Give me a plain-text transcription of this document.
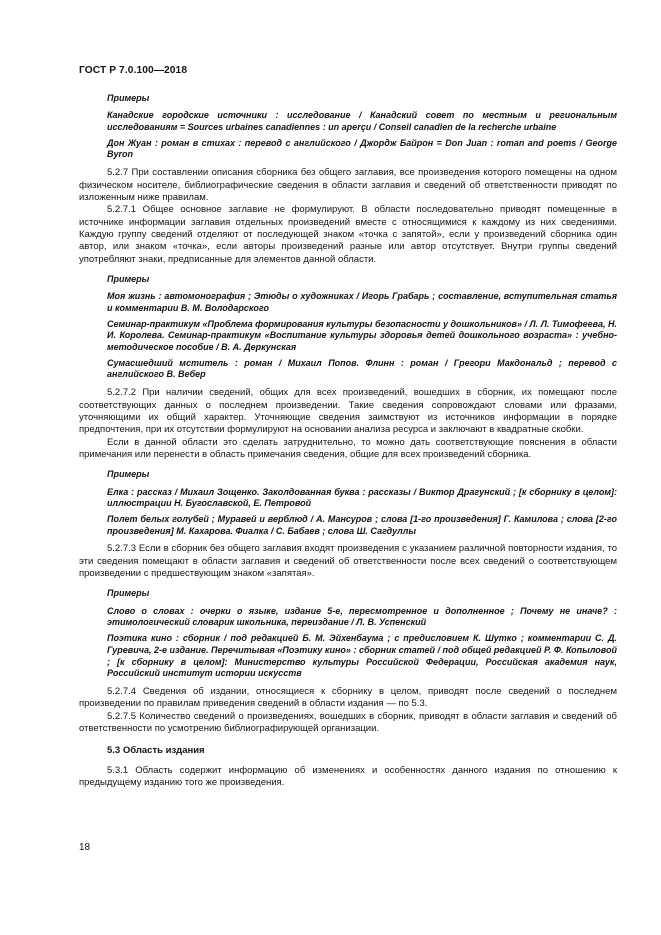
ГОСТ Р 7.0.100—2018

Примеры

Канадские городские источники : исследование / Канадский совет по местным и региональным исследованиям = Sources urbaines canadiennes : un aperçu / Conseil canadien de la recherche urbaine

Дон Жуан : роман в стихах : перевод с английского / Джордж Байрон = Don Juan : roman and poems / George Byron

5.2.7 При составлении описания сборника без общего заглавия, все произведения которого помещены на одном физическом носителе, библиографические сведения в области заглавия и сведений об ответственности приводят по изложенным ниже правилам.

5.2.7.1 Общее основное заглавие не формулируют. В области последовательно приводят помещенные в источнике информации заглавия отдельных произведений вместе с относящимися к каждому из них сведениями. Каждую группу сведений отделяют от последующей знаком «точка с запятой», если у произведений сборника один автор, или знаком «точка», если авторы произведений разные или автор отсутствует. Внутри группы сведений употребляют знаки, предписанные для элементов данной области.

Примеры

Моя жизнь : автомонография ; Этюды о художниках / Игорь Грабарь ; составление, вступительная статья и комментарии В. М. Володарского

Семинар-практикум «Проблема формирования культуры безопасности у дошкольников» / Л. Л. Тимофеева, Н. И. Королева. Семинар-практикум «Воспитание культуры здоровья детей дошкольного возраста» : учебно-методическое пособие / В. А. Деркунская

Сумасшедший мститель : роман / Михаил Попов. Флинн : роман / Грегори Макдональд ; перевод с английского В. Вебер

5.2.7.2 При наличии сведений, общих для всех произведений, вошедших в сборник, их помещают после соответствующих данных о последнем произведении. Такие сведения сопровождают словами или фразами, уточняющими их общий характер. Уточняющие сведения заимствуют из источников информации в порядке предпочтения, при их отсутствии формулируют на основании анализа ресурса и заключают в квадратные скобки.

Если в данной области это сделать затруднительно, то можно дать соответствующие пояснения в области примечания или перенести в область примечания сведения, общие для всех произведений сборника.

Примеры

Елка : рассказ / Михаил Зощенко. Заколдованная буква : рассказы / Виктор Драгунский ; [к сборнику в целом]: иллюстрации Н. Бугославской, Е. Петровой

Полет белых голубей ; Муравей и верблюд / А. Мансуров ; слова [1-го произведения] Г. Камилова ; слова [2-го произведения] М. Кахарова. Фиалка / С. Бабаев ; слова Ш. Сагдуллы

5.2.7.3 Если в сборник без общего заглавия входят произведения с указанием различной повторности издания, то эти сведения помещают в области заглавия и сведений об ответственности после всех сведений о соответствующем произведении с предшествующим знаком «запятая».

Примеры

Слово о словах : очерки о языке, издание 5-е, пересмотренное и дополненное ; Почему не иначе? : этимологический словарик школьника, переиздание / Л. В. Успенский

Поэтика кино : сборник / под редакцией Б. М. Эйхенбаума ; с предисловием К. Шутко ; комментарии С. Д. Гуревича, 2-е издание. Перечитывая «Поэтику кино» : сборник статей / под общей редакцией Р. Ф. Копыловой ; [к сборнику в целом]: Министерство культуры Российской Федерации, Российская академия наук, Российский институт истории искусств

5.2.7.4 Сведения об издании, относящиеся к сборнику в целом, приводят после сведений о последнем произведении по правилам приведения сведений в области издания — по 5.3.

5.2.7.5 Количество сведений о произведениях, вошедших в сборник, приводят в области заглавия и сведений об ответственности по усмотрению библиографирующей организации.

5.3 Область издания

5.3.1 Область содержит информацию об изменениях и особенностях данного издания по отношению к предыдущему изданию того же произведения.

18
